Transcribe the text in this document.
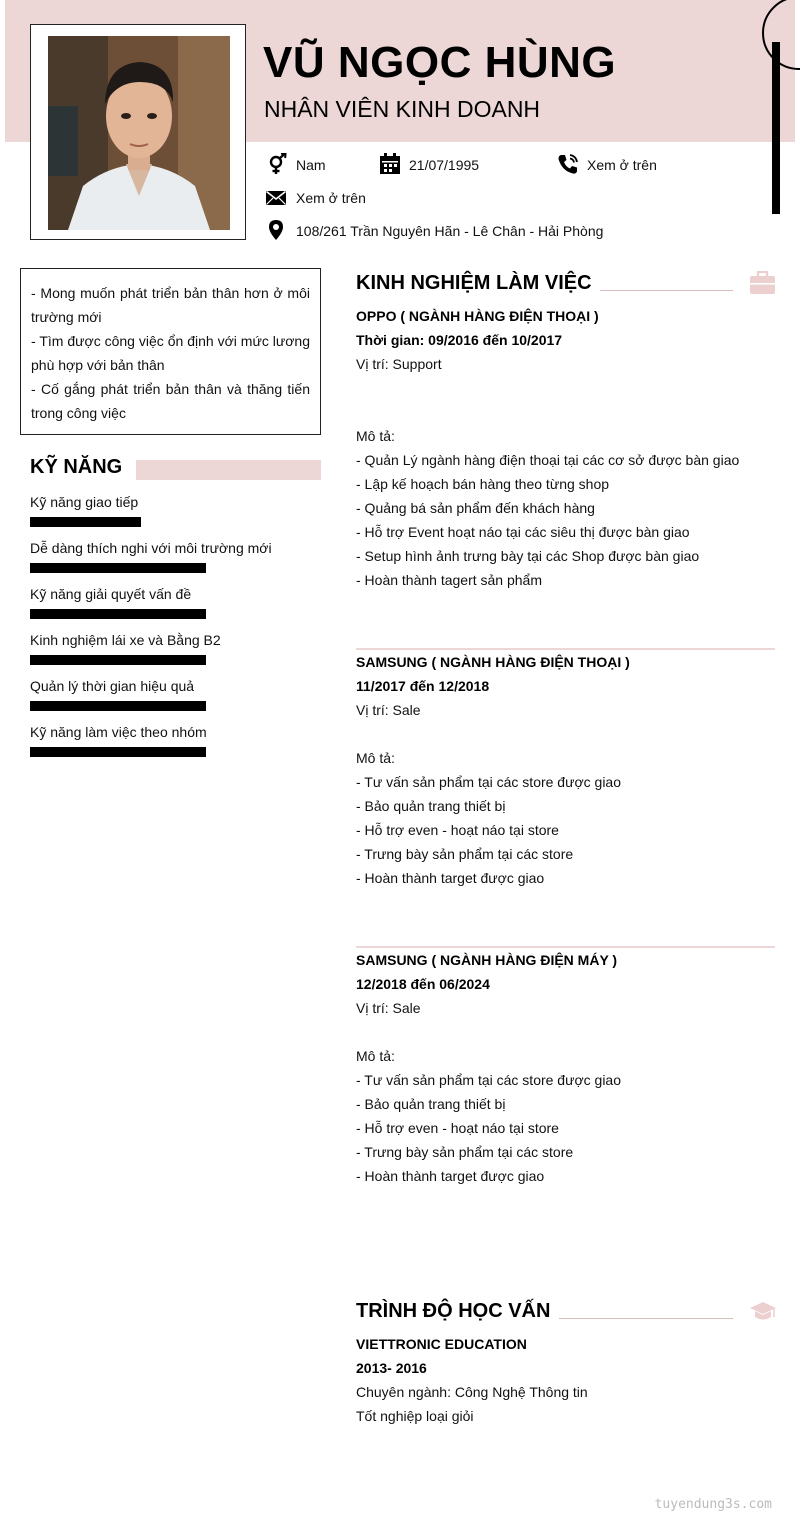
VŨ NGỌC HÙNG
NHÂN VIÊN KINH DOANH
Nam	21/07/1995	Xem ở trên
Xem ở trên
108/261 Trần Nguyên Hãn - Lê Chân - Hải Phòng
- Mong muốn phát triển bản thân hơn ở môi trường mới
- Tìm được công việc ổn định với mức lương phù hợp với bản thân
- Cố gắng phát triển bản thân và thăng tiến trong công việc
KỸ NĂNG
Kỹ năng giao tiếp
Dễ dàng thích nghi với môi trường mới
Kỹ năng giải quyết vấn đề
Kinh nghiệm lái xe và Bằng B2
Quản lý thời gian hiệu quả
Kỹ năng làm việc theo nhóm
KINH NGHIỆM LÀM VIỆC
OPPO ( NGÀNH HÀNG ĐIỆN THOẠI )
Thời gian: 09/2016 đến 10/2017
Vị trí: Support
Mô tả:
- Quản Lý ngành hàng điện thoại tại các cơ sở được bàn giao
- Lập kế hoạch bán hàng theo từng shop
- Quảng bá sản phẩm đến khách hàng
- Hỗ trợ Event hoạt náo tại các siêu thị được bàn giao
- Setup hình ảnh trưng bày tại các Shop được bàn giao
- Hoàn thành tagert sản phẩm
SAMSUNG ( NGÀNH HÀNG ĐIỆN THOẠI )
11/2017 đến 12/2018
Vị trí: Sale
Mô tả:
- Tư vấn sản phẩm tại các store được giao
- Bảo quản trang thiết bị
- Hỗ trợ even - hoạt náo tại store
- Trưng bày sản phẩm tại các store
- Hoàn thành target được giao
SAMSUNG ( NGÀNH HÀNG ĐIỆN MÁY )
12/2018 đến 06/2024
Vị trí: Sale
Mô tả:
- Tư vấn sản phẩm tại các store được giao
- Bảo quản trang thiết bị
- Hỗ trợ even - hoạt náo tại store
- Trưng bày sản phẩm tại các store
- Hoàn thành target được giao
TRÌNH ĐỘ HỌC VẤN
VIETTRONIC EDUCATION
2013- 2016
Chuyên ngành: Công Nghệ Thông tin
Tốt nghiệp loại giỏi
tuyendung3s.com
